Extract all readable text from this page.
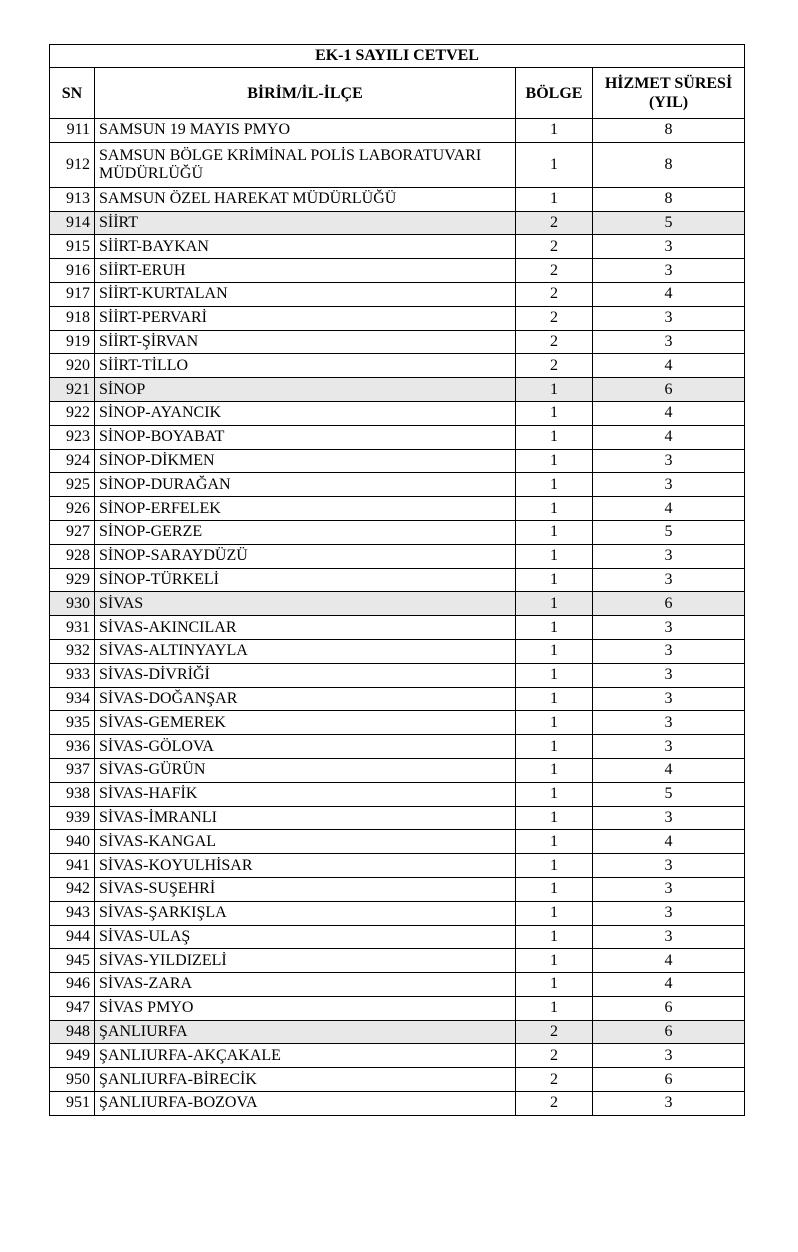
EK-1 SAYILI CETVEL			
SN	BİRİM/İL-İLÇE	BÖLGE	HİZMET SÜRESİ (YIL)
911	SAMSUN 19 MAYIS PMYO	1	8
912	SAMSUN BÖLGE KRİMİNAL POLİS LABORATUVARI MÜDÜRLÜĞÜ	1	8
913	SAMSUN ÖZEL HAREKAT MÜDÜRLÜĞÜ	1	8
914	SİİRT	2	5
915	SİİRT-BAYKAN	2	3
916	SİİRT-ERUH	2	3
917	SİİRT-KURTALAN	2	4
918	SİİRT-PERVARİ	2	3
919	SİİRT-ŞİRVAN	2	3
920	SİİRT-TİLLO	2	4
921	SİNOP	1	6
922	SİNOP-AYANCIK	1	4
923	SİNOP-BOYABAT	1	4
924	SİNOP-DİKMEN	1	3
925	SİNOP-DURAĞAN	1	3
926	SİNOP-ERFELEK	1	4
927	SİNOP-GERZE	1	5
928	SİNOP-SARAYDÜZÜ	1	3
929	SİNOP-TÜRKELİ	1	3
930	SİVAS	1	6
931	SİVAS-AKINCILAR	1	3
932	SİVAS-ALTINYAYLA	1	3
933	SİVAS-DİVRİĞİ	1	3
934	SİVAS-DOĞANŞAR	1	3
935	SİVAS-GEMEREK	1	3
936	SİVAS-GÖLOVA	1	3
937	SİVAS-GÜRÜN	1	4
938	SİVAS-HAFİK	1	5
939	SİVAS-İMRANLI	1	3
940	SİVAS-KANGAL	1	4
941	SİVAS-KOYULHİSAR	1	3
942	SİVAS-SUŞEHRİ	1	3
943	SİVAS-ŞARKIŞLA	1	3
944	SİVAS-ULAŞ	1	3
945	SİVAS-YILDIZELİ	1	4
946	SİVAS-ZARA	1	4
947	SİVAS PMYO	1	6
948	ŞANLIURFA	2	6
949	ŞANLIURFA-AKÇAKALE	2	3
950	ŞANLIURFA-BİRECİK	2	6
951	ŞANLIURFA-BOZOVA	2	3
